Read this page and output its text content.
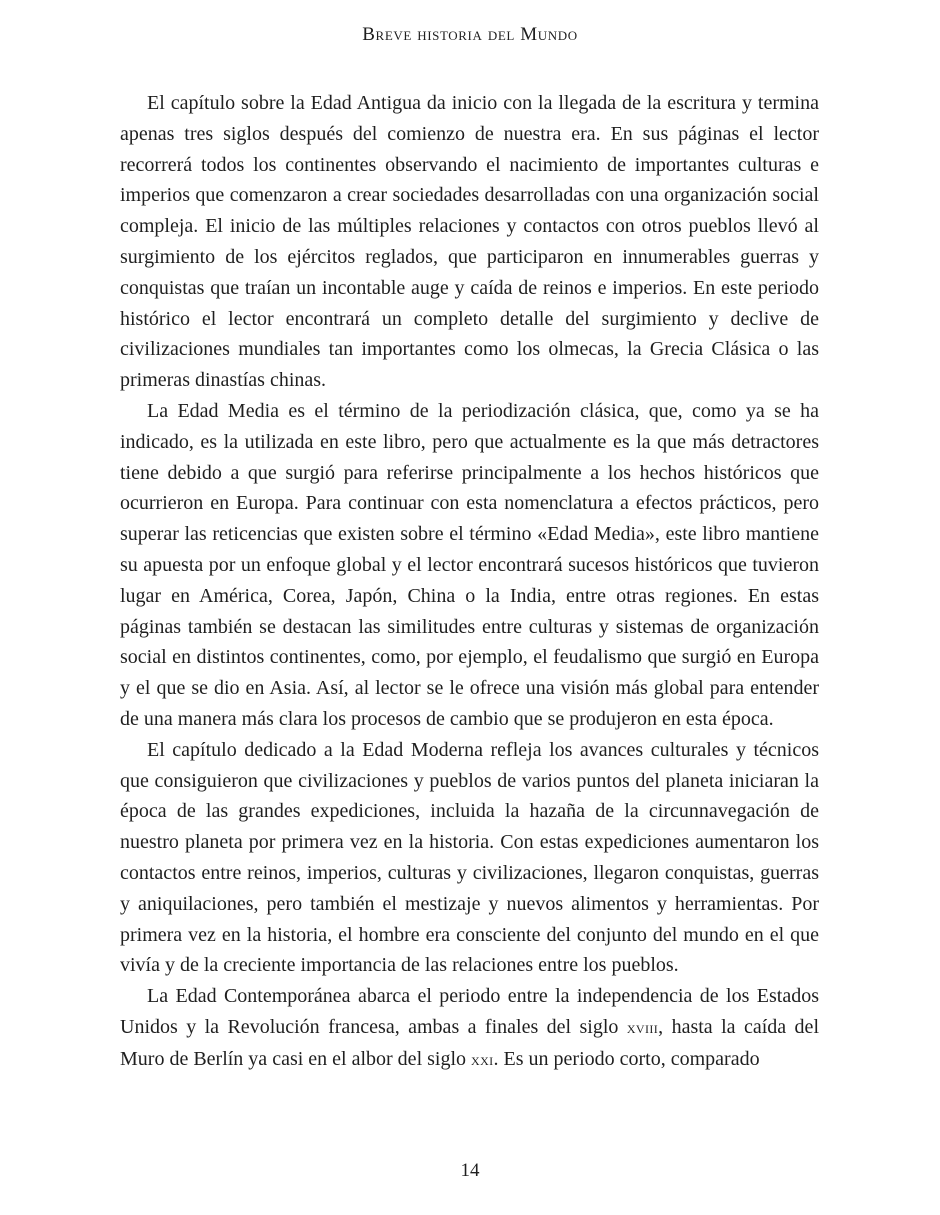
Breve historia del Mundo

El capítulo sobre la Edad Antigua da inicio con la llegada de la escritura y termina apenas tres siglos después del comienzo de nuestra era. En sus páginas el lector recorrerá todos los continentes observando el nacimiento de importantes culturas e imperios que comenzaron a crear sociedades desarrolladas con una organización social compleja. El inicio de las múltiples relaciones y contactos con otros pueblos llevó al surgimiento de los ejércitos reglados, que participaron en innumerables guerras y conquistas que traían un incontable auge y caída de reinos e imperios. En este periodo histórico el lector encontrará un completo detalle del surgimiento y declive de civilizaciones mundiales tan importantes como los olmecas, la Grecia Clásica o las primeras dinastías chinas.

La Edad Media es el término de la periodización clásica, que, como ya se ha indicado, es la utilizada en este libro, pero que actualmente es la que más detractores tiene debido a que surgió para referirse principalmente a los hechos históricos que ocurrieron en Europa. Para continuar con esta nomenclatura a efectos prácticos, pero superar las reticencias que existen sobre el término «Edad Media», este libro mantiene su apuesta por un enfoque global y el lector encontrará sucesos históricos que tuvieron lugar en América, Corea, Japón, China o la India, entre otras regiones. En estas páginas también se destacan las similitudes entre culturas y sistemas de organización social en distintos continentes, como, por ejemplo, el feudalismo que surgió en Europa y el que se dio en Asia. Así, al lector se le ofrece una visión más global para entender de una manera más clara los procesos de cambio que se produjeron en esta época.

El capítulo dedicado a la Edad Moderna refleja los avances culturales y técnicos que consiguieron que civilizaciones y pueblos de varios puntos del planeta iniciaran la época de las grandes expediciones, incluida la hazaña de la circunnavegación de nuestro planeta por primera vez en la historia. Con estas expediciones aumentaron los contactos entre reinos, imperios, culturas y civilizaciones, llegaron conquistas, guerras y aniquilaciones, pero también el mestizaje y nuevos alimentos y herramientas. Por primera vez en la historia, el hombre era consciente del conjunto del mundo en el que vivía y de la creciente importancia de las relaciones entre los pueblos.

La Edad Contemporánea abarca el periodo entre la independencia de los Estados Unidos y la Revolución francesa, ambas a finales del siglo xviii, hasta la caída del Muro de Berlín ya casi en el albor del siglo xxi. Es un periodo corto, comparado

14
